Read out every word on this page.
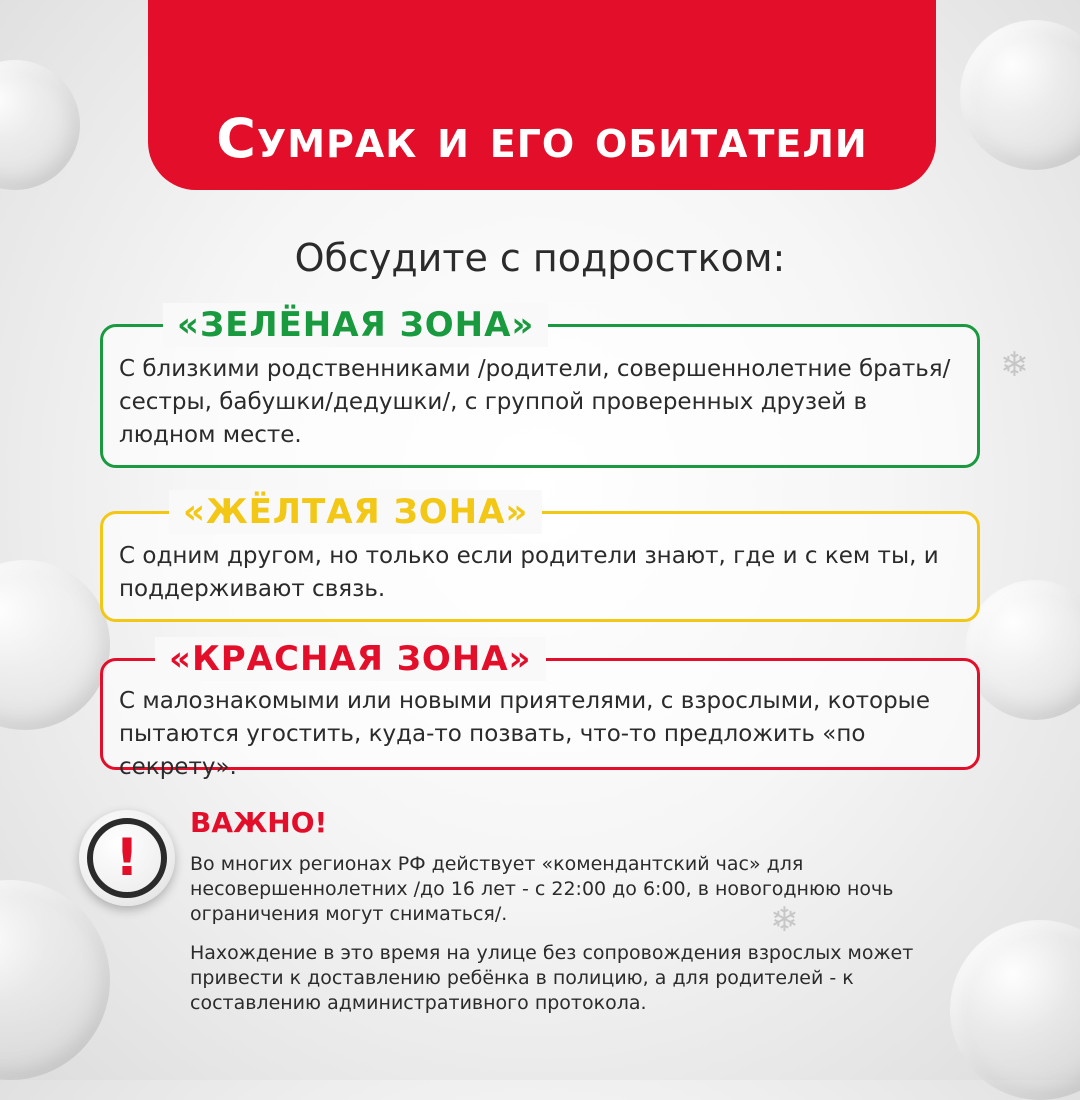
❄
❄
Сумрак и его обитатели
Обсудите с подростком:
«ЗЕЛЁНАЯ ЗОНА»

С близкими родственниками /родители, совершеннолетние братья/ сестры, бабушки/дедушки/, с группой проверенных друзей в людном месте.

«ЖЁЛТАЯ ЗОНА»

С одним другом, но только если родители знают, где и с кем ты, и поддерживают связь.

«КРАСНАЯ ЗОНА»

С малознакомыми или новыми приятелями, с взрослыми, которые пытаются угостить, куда-то позвать, что-то предложить «по секрету».

!
ВАЖНО!

Во многих регионах РФ действует «комендантский час» для несовершеннолетних /до 16 лет - с 22:00 до 6:00, в новогоднюю ночь ограничения могут сниматься/.

Нахождение в это время на улице без сопровождения взрослых может привести к доставлению ребёнка в полицию, а для родителей - к составлению административного протокола.
